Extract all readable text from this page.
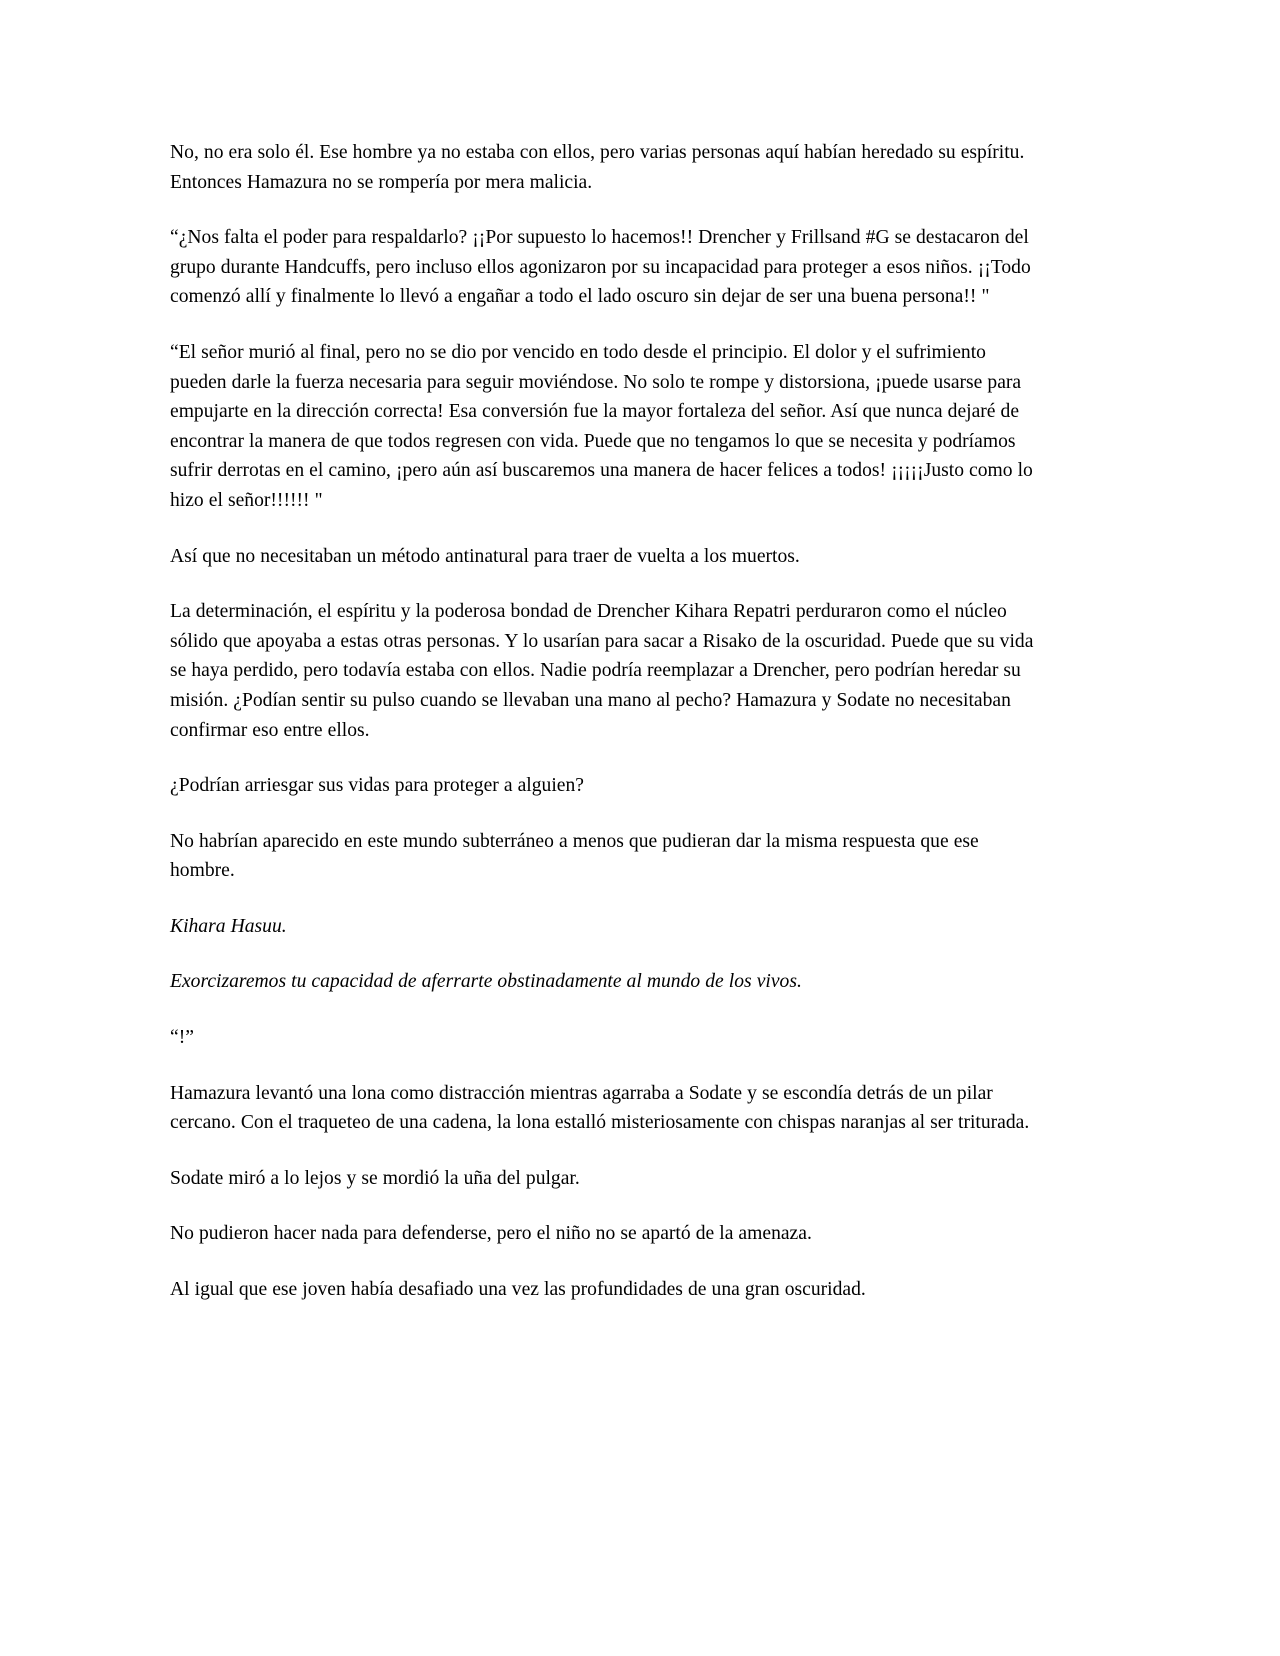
No, no era solo él. Ese hombre ya no estaba con ellos, pero varias personas aquí habían heredado su espíritu. Entonces Hamazura no se rompería por mera malicia.

“¿Nos falta el poder para respaldarlo? ¡¡Por supuesto lo hacemos!! Drencher y Frillsand #G se destacaron del grupo durante Handcuffs, pero incluso ellos agonizaron por su incapacidad para proteger a esos niños. ¡¡Todo comenzó allí y finalmente lo llevó a engañar a todo el lado oscuro sin dejar de ser una buena persona!! "

“El señor murió al final, pero no se dio por vencido en todo desde el principio. El dolor y el sufrimiento pueden darle la fuerza necesaria para seguir moviéndose. No solo te rompe y distorsiona, ¡puede usarse para empujarte en la dirección correcta! Esa conversión fue la mayor fortaleza del señor. Así que nunca dejaré de encontrar la manera de que todos regresen con vida. Puede que no tengamos lo que se necesita y podríamos sufrir derrotas en el camino, ¡pero aún así buscaremos una manera de hacer felices a todos! ¡¡¡¡¡Justo como lo hizo el señor!!!!!! "

Así que no necesitaban un método antinatural para traer de vuelta a los muertos.

La determinación, el espíritu y la poderosa bondad de Drencher Kihara Repatri perduraron como el núcleo sólido que apoyaba a estas otras personas. Y lo usarían para sacar a Risako de la oscuridad. Puede que su vida se haya perdido, pero todavía estaba con ellos. Nadie podría reemplazar a Drencher, pero podrían heredar su misión. ¿Podían sentir su pulso cuando se llevaban una mano al pecho? Hamazura y Sodate no necesitaban confirmar eso entre ellos.

¿Podrían arriesgar sus vidas para proteger a alguien?

No habrían aparecido en este mundo subterráneo a menos que pudieran dar la misma respuesta que ese hombre.

Kihara Hasuu.

Exorcizaremos tu capacidad de aferrarte obstinadamente al mundo de los vivos.

“!”

Hamazura levantó una lona como distracción mientras agarraba a Sodate y se escondía detrás de un pilar cercano. Con el traqueteo de una cadena, la lona estalló misteriosamente con chispas naranjas al ser triturada.

Sodate miró a lo lejos y se mordió la uña del pulgar.

No pudieron hacer nada para defenderse, pero el niño no se apartó de la amenaza.

Al igual que ese joven había desafiado una vez las profundidades de una gran oscuridad.
